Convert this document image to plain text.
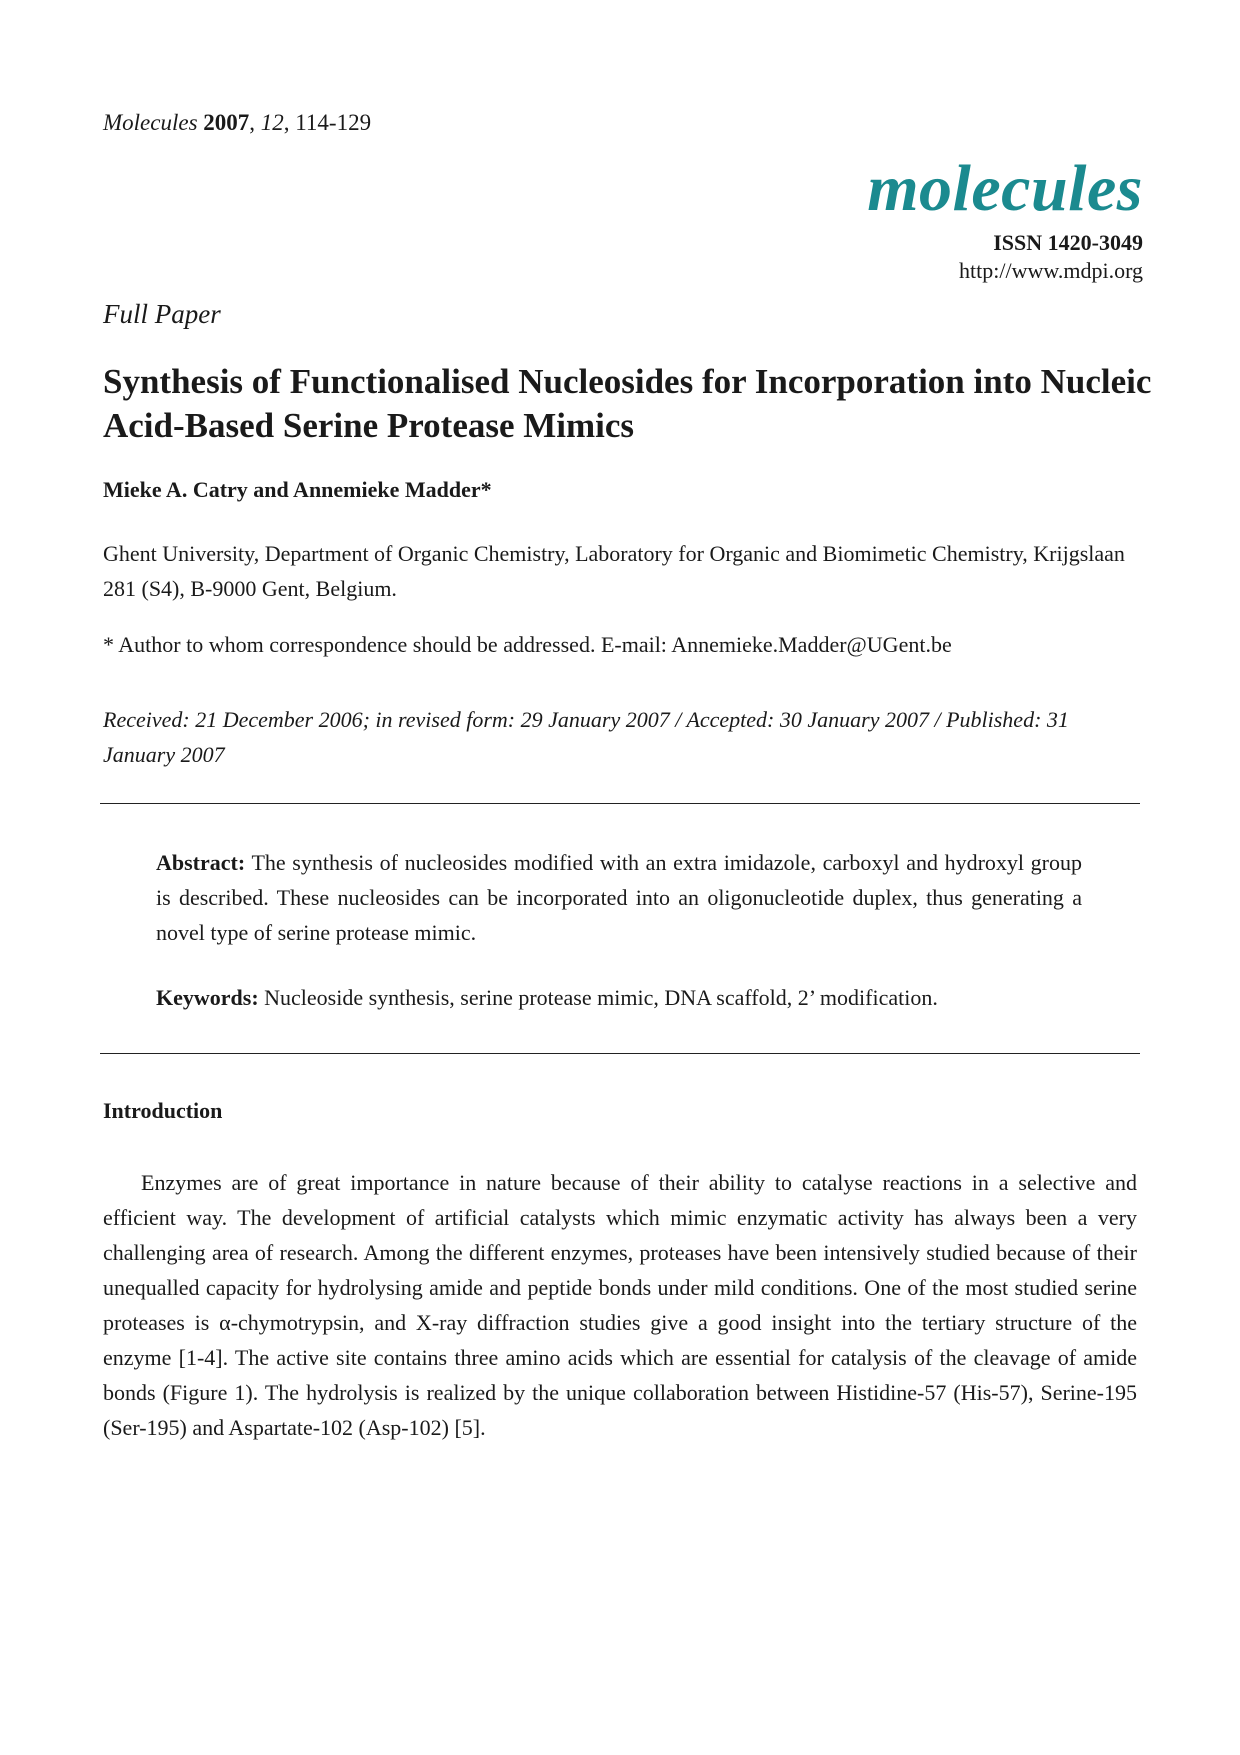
Molecules 2007, 12, 114-129
molecules
ISSN 1420-3049
http://www.mdpi.org
Full Paper
Synthesis of Functionalised Nucleosides for Incorporation into Nucleic Acid-Based Serine Protease Mimics
Mieke A. Catry and Annemieke Madder*
Ghent University, Department of Organic Chemistry, Laboratory for Organic and Biomimetic Chemistry, Krijgslaan 281 (S4), B-9000 Gent, Belgium.
* Author to whom correspondence should be addressed. E-mail: Annemieke.Madder@UGent.be
Received: 21 December 2006; in revised form: 29 January 2007 / Accepted: 30 January 2007 / Published: 31 January 2007
Abstract: The synthesis of nucleosides modified with an extra imidazole, carboxyl and hydroxyl group is described. These nucleosides can be incorporated into an oligonucleotide duplex, thus generating a novel type of serine protease mimic.
Keywords: Nucleoside synthesis, serine protease mimic, DNA scaffold, 2’ modification.
Introduction

Enzymes are of great importance in nature because of their ability to catalyse reactions in a selective and efficient way. The development of artificial catalysts which mimic enzymatic activity has always been a very challenging area of research. Among the different enzymes, proteases have been intensively studied because of their unequalled capacity for hydrolysing amide and peptide bonds under mild conditions. One of the most studied serine proteases is α-chymotrypsin, and X-ray diffraction studies give a good insight into the tertiary structure of the enzyme [1-4]. The active site contains three amino acids which are essential for catalysis of the cleavage of amide bonds (Figure 1). The hydrolysis is realized by the unique collaboration between Histidine-57 (His-57), Serine-195 (Ser-195) and Aspartate-102 (Asp-102) [5].
